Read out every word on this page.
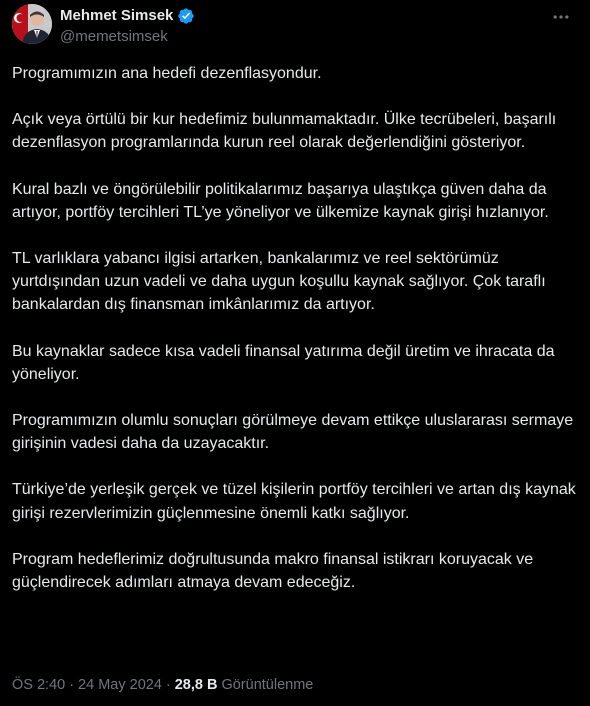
Mehmet Simsek
@memetsimsek

Programımızın ana hedefi dezenflasyondur.

Açık veya örtülü bir kur hedefimiz bulunmamaktadır. Ülke tecrübeleri, başarılı dezenflasyon programlarında kurun reel olarak değerlendiğini gösteriyor.

Kural bazlı ve öngörülebilir politikalarımız başarıya ulaştıkça güven daha da artıyor, portföy tercihleri TL’ye yöneliyor ve ülkemize kaynak girişi hızlanıyor.

TL varlıklara yabancı ilgisi artarken, bankalarımız ve reel sektörümüz yurtdışından uzun vadeli ve daha uygun koşullu kaynak sağlıyor. Çok taraflı bankalardan dış finansman imkânlarımız da artıyor.

Bu kaynaklar sadece kısa vadeli finansal yatırıma değil üretim ve ihracata da yöneliyor.

Programımızın olumlu sonuçları görülmeye devam ettikçe uluslararası sermaye girişinin vadesi daha da uzayacaktır.

Türkiye’de yerleşik gerçek ve tüzel kişilerin portföy tercihleri ve artan dış kaynak girişi rezervlerimizin güçlenmesine önemli katkı sağlıyor.

Program hedeflerimiz doğrultusunda makro finansal istikrarı koruyacak ve güçlendirecek adımları atmaya devam edeceğiz.

ÖS 2:40 · 24 May 2024 · 28,8 B Görüntülenme
